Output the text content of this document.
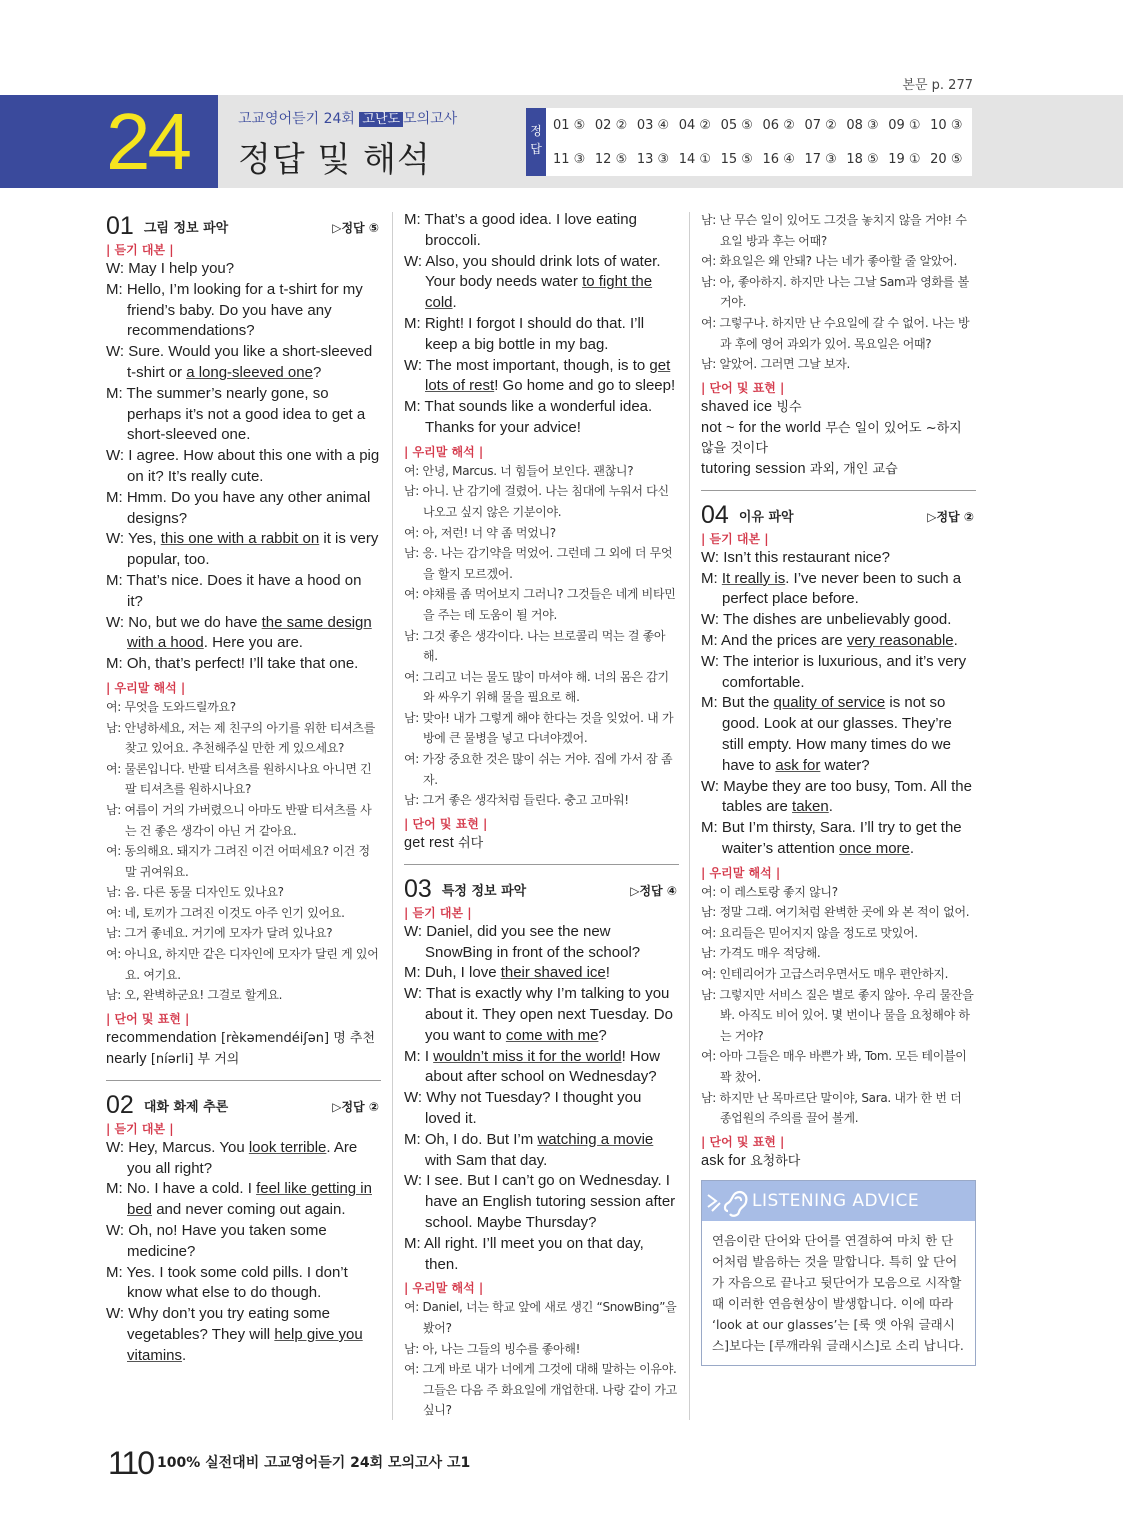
본문 p. 277
24	고교영어듣기 24회 고난도 모의고사
정답 및 해석
정답
01 ⑤ 02 ② 03 ④ 04 ② 05 ⑤ 06 ② 07 ② 08 ③ 09 ① 10 ③
11 ③ 12 ⑤ 13 ③ 14 ① 15 ⑤ 16 ④ 17 ③ 18 ⑤ 19 ① 20 ⑤
01 그림 정보 파악	▷정답 ⑤
| 듣기 대본 |
W: May I help you?
M: Hello, I’m looking for a t-shirt for my friend’s baby. Do you have any recommendations?
W: Sure. Would you like a short-sleeved t-shirt or a long-sleeved one?
M: The summer’s nearly gone, so perhaps it’s not a good idea to get a short-sleeved one.
W: I agree. How about this one with a pig on it? It’s really cute.
M: Hmm. Do you have any other animal designs?
W: Yes, this one with a rabbit on it is very popular, too.
M: That’s nice. Does it have a hood on it?
W: No, but we do have the same design with a hood. Here you are.
M: Oh, that’s perfect! I’ll take that one.
| 우리말 해석 |
여: 무엇을 도와드릴까요?
남: 안녕하세요, 저는 제 친구의 아기를 위한 티셔츠를 찾고 있어요. 추천해주실 만한 게 있으세요?
여: 물론입니다. 반팔 티셔츠를 원하시나요 아니면 긴팔 티셔츠를 원하시나요?
남: 여름이 거의 가버렸으니 아마도 반팔 티셔츠를 사는 건 좋은 생각이 아닌 거 같아요.
여: 동의해요. 돼지가 그려진 이건 어떠세요? 이건 정말 귀여워요.
남: 음. 다른 동물 디자인도 있나요?
여: 네, 토끼가 그려진 이것도 아주 인기 있어요.
남: 그거 좋네요. 거기에 모자가 달려 있나요?
여: 아니요, 하지만 같은 디자인에 모자가 달린 게 있어요. 여기요.
남: 오, 완벽하군요! 그걸로 할게요.
| 단어 및 표현 |
recommendation [rèkəmendéiʃən] 명 추천
nearly [níərli] 부 거의
02 대화 화제 추론	▷정답 ②
| 듣기 대본 |
W: Hey, Marcus. You look terrible. Are you all right?
M: No. I have a cold. I feel like getting in bed and never coming out again.
W: Oh, no! Have you taken some medicine?
M: Yes. I took some cold pills. I don’t know what else to do though.
W: Why don’t you try eating some vegetables? They will help give you vitamins.
M: That’s a good idea. I love eating broccoli.
W: Also, you should drink lots of water. Your body needs water to fight the cold.
M: Right! I forgot I should do that. I’ll keep a big bottle in my bag.
W: The most important, though, is to get lots of rest! Go home and go to sleep!
M: That sounds like a wonderful idea. Thanks for your advice!
| 우리말 해석 |
여: 안녕, Marcus. 너 힘들어 보인다. 괜찮니?
남: 아니. 난 감기에 걸렸어. 나는 침대에 누워서 다신 나오고 싶지 않은 기분이야.
여: 아, 저런! 너 약 좀 먹었니?
남: 응. 나는 감기약을 먹었어. 그런데 그 외에 더 무엇을 할지 모르겠어.
여: 야채를 좀 먹어보지 그러니? 그것들은 네게 비타민을 주는 데 도움이 될 거야.
남: 그것 좋은 생각이다. 나는 브로콜리 먹는 걸 좋아해.
여: 그리고 너는 물도 많이 마셔야 해. 너의 몸은 감기와 싸우기 위해 물을 필요로 해.
남: 맞아! 내가 그렇게 해야 한다는 것을 잊었어. 내 가방에 큰 물병을 넣고 다녀야겠어.
여: 가장 중요한 것은 많이 쉬는 거야. 집에 가서 잠 좀 자.
남: 그거 좋은 생각처럼 들린다. 충고 고마워!
| 단어 및 표현 |
get rest 쉬다
03 특정 정보 파악	▷정답 ④
| 듣기 대본 |
W: Daniel, did you see the new SnowBing in front of the school?
M: Duh, I love their shaved ice!
W: That is exactly why I’m talking to you about it. They open next Tuesday. Do you want to come with me?
M: I wouldn’t miss it for the world! How about after school on Wednesday?
W: Why not Tuesday? I thought you loved it.
M: Oh, I do. But I’m watching a movie with Sam that day.
W: I see. But I can’t go on Wednesday. I have an English tutoring session after school. Maybe Thursday?
M: All right. I’ll meet you on that day, then.
| 우리말 해석 |
여: Daniel, 너는 학교 앞에 새로 생긴 “SnowBing”을 봤어?
남: 아, 나는 그들의 빙수를 좋아해!
여: 그게 바로 내가 너에게 그것에 대해 말하는 이유야. 그들은 다음 주 화요일에 개업한대. 나랑 같이 가고 싶니?
남: 난 무슨 일이 있어도 그것을 놓치지 않을 거야! 수요일 방과 후는 어때?
여: 화요일은 왜 안돼? 나는 네가 좋아할 줄 알았어.
남: 아, 좋아하지. 하지만 나는 그날 Sam과 영화를 볼 거야.
여: 그렇구나. 하지만 난 수요일에 갈 수 없어. 나는 방과 후에 영어 과외가 있어. 목요일은 어때?
남: 알았어. 그러면 그날 보자.
| 단어 및 표현 |
shaved ice 빙수
not ~ for the world 무슨 일이 있어도 ~하지 않을 것이다
tutoring session 과외, 개인 교습
04 이유 파악	▷정답 ②
| 듣기 대본 |
W: Isn’t this restaurant nice?
M: It really is. I’ve never been to such a perfect place before.
W: The dishes are unbelievably good.
M: And the prices are very reasonable.
W: The interior is luxurious, and it’s very comfortable.
M: But the quality of service is not so good. Look at our glasses. They’re still empty. How many times do we have to ask for water?
W: Maybe they are too busy, Tom. All the tables are taken.
M: But I’m thirsty, Sara. I’ll try to get the waiter’s attention once more.
| 우리말 해석 |
여: 이 레스토랑 좋지 않니?
남: 정말 그래. 여기처럼 완벽한 곳에 와 본 적이 없어.
여: 요리들은 믿어지지 않을 정도로 맛있어.
남: 가격도 매우 적당해.
여: 인테리어가 고급스러우면서도 매우 편안하지.
남: 그렇지만 서비스 질은 별로 좋지 않아. 우리 물잔을 봐. 아직도 비어 있어. 몇 번이나 물을 요청해야 하는 거야?
여: 아마 그들은 매우 바쁜가 봐, Tom. 모든 테이블이 꽉 찼어.
남: 하지만 난 목마르단 말이야, Sara. 내가 한 번 더 종업원의 주의를 끌어 볼게.
| 단어 및 표현 |
ask for 요청하다
LISTENING ADVICE
연음이란 단어와 단어를 연결하여 마치 한 단어처럼 발음하는 것을 말합니다. 특히 앞 단어가 자음으로 끝나고 뒷단어가 모음으로 시작할 때 이러한 연음현상이 발생합니다. 이에 따라 ‘look at our glasses’는 [룩 앳 아워 글래시스]보다는 [루깨라워 글래시스]로 소리 납니다.
110 100% 실전대비 고교영어듣기 24회 모의고사 고1
